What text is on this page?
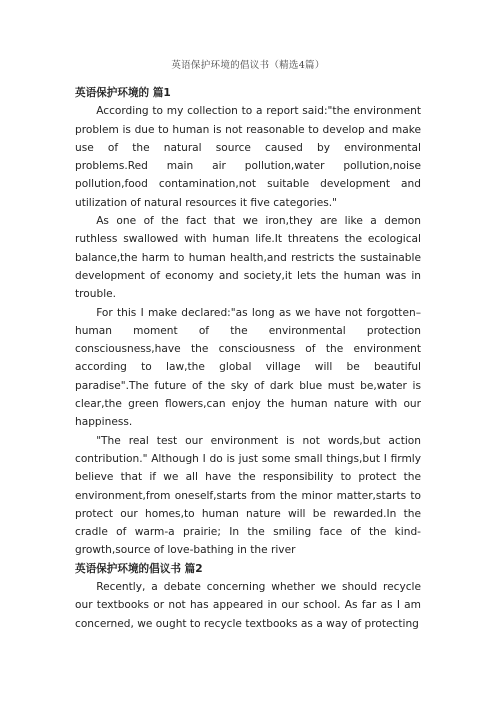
英语保护环境的倡议书（精选4篇）

英语保护环境的 篇1

According to my collection to a report said:"the environment problem is due to human is not reasonable to develop and make use of the natural source caused by environmental problems.Red main air pollution,water pollution,noise pollution,food contamination,not suitable development and utilization of natural resources it five categories."

As one of the fact that we iron,they are like a demon ruthless swallowed with human life.It threatens the ecological balance,the harm to human health,and restricts the sustainable development of economy and society,it lets the human was in trouble.

For this I make declared:"as long as we have not forgotten– human moment of the environmental protection consciousness,have the consciousness of the environment according to law,the global village will be beautiful paradise".The future of the sky of dark blue must be,water is clear,the green flowers,can enjoy the human nature with our happiness.

"The real test our environment is not words,but action contribution." Although I do is just some small things,but I firmly believe that if we all have the responsibility to protect the environment,from oneself,starts from the minor matter,starts to protect our homes,to human nature will be rewarded.In the cradle of warm-a prairie; In the smiling face of the kind-growth,source of love-bathing in the river

英语保护环境的倡议书 篇2

Recently, a debate concerning whether we should recycle our textbooks or not has appeared in our school. As far as I am concerned, we ought to recycle textbooks as a way of protecting
